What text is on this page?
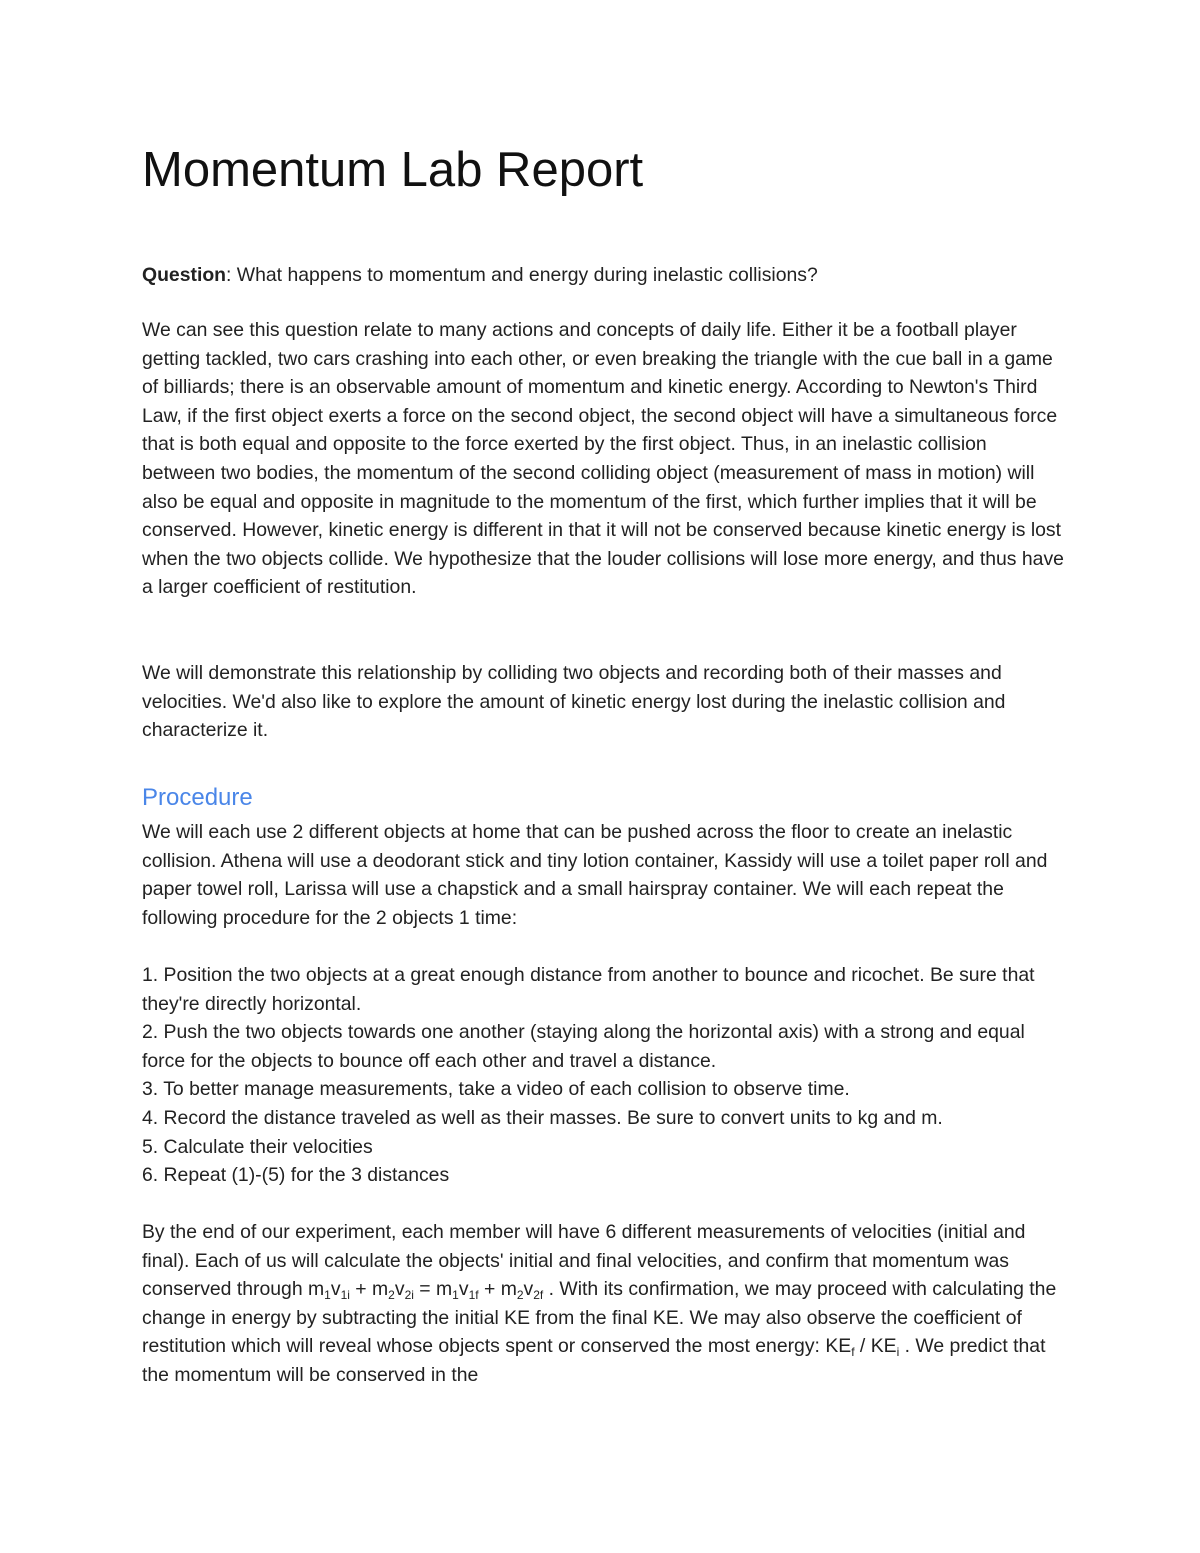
Momentum Lab Report

Question: What happens to momentum and energy during inelastic collisions?

We can see this question relate to many actions and concepts of daily life. Either it be a football player getting tackled, two cars crashing into each other, or even breaking the triangle with the cue ball in a game of billiards; there is an observable amount of momentum and kinetic energy. According to Newton's Third Law, if the first object exerts a force on the second object, the second object will have a simultaneous force that is both equal and opposite to the force exerted by the first object. Thus, in an inelastic collision between two bodies, the momentum of the second colliding object (measurement of mass in motion) will also be equal and opposite in magnitude to the momentum of the first, which further implies that it will be conserved. However, kinetic energy is different in that it will not be conserved because kinetic energy is lost when the two objects collide. We hypothesize that the louder collisions will lose more energy, and thus have a larger coefficient of restitution.

We will demonstrate this relationship by colliding two objects and recording both of their masses and velocities. We'd also like to explore the amount of kinetic energy lost during the inelastic collision and characterize it.

Procedure

We will each use 2 different objects at home that can be pushed across the floor to create an inelastic collision. Athena will use a deodorant stick and tiny lotion container, Kassidy will use a toilet paper roll and paper towel roll, Larissa will use a chapstick and a small hairspray container. We will each repeat the following procedure for the 2 objects 1 time:

1. Position the two objects at a great enough distance from another to bounce and ricochet. Be sure that they're directly horizontal.
2. Push the two objects towards one another (staying along the horizontal axis) with a strong and equal force for the objects to bounce off each other and travel a distance.
3. To better manage measurements, take a video of each collision to observe time.
4. Record the distance traveled as well as their masses. Be sure to convert units to kg and m.
5. Calculate their velocities
6. Repeat (1)-(5) for the 3 distances

By the end of our experiment, each member will have 6 different measurements of velocities (initial and final). Each of us will calculate the objects' initial and final velocities, and confirm that momentum was conserved through $m_1v_{1i} + m_2v_{2i} = m_1v_{1f} + m_2v_{2f}$ . With its confirmation, we may proceed with calculating the change in energy by subtracting the initial KE from the final KE. We may also observe the coefficient of restitution which will reveal whose objects spent or conserved the most energy: $KE_f / KE_i$ . We predict that the momentum will be conserved in the
